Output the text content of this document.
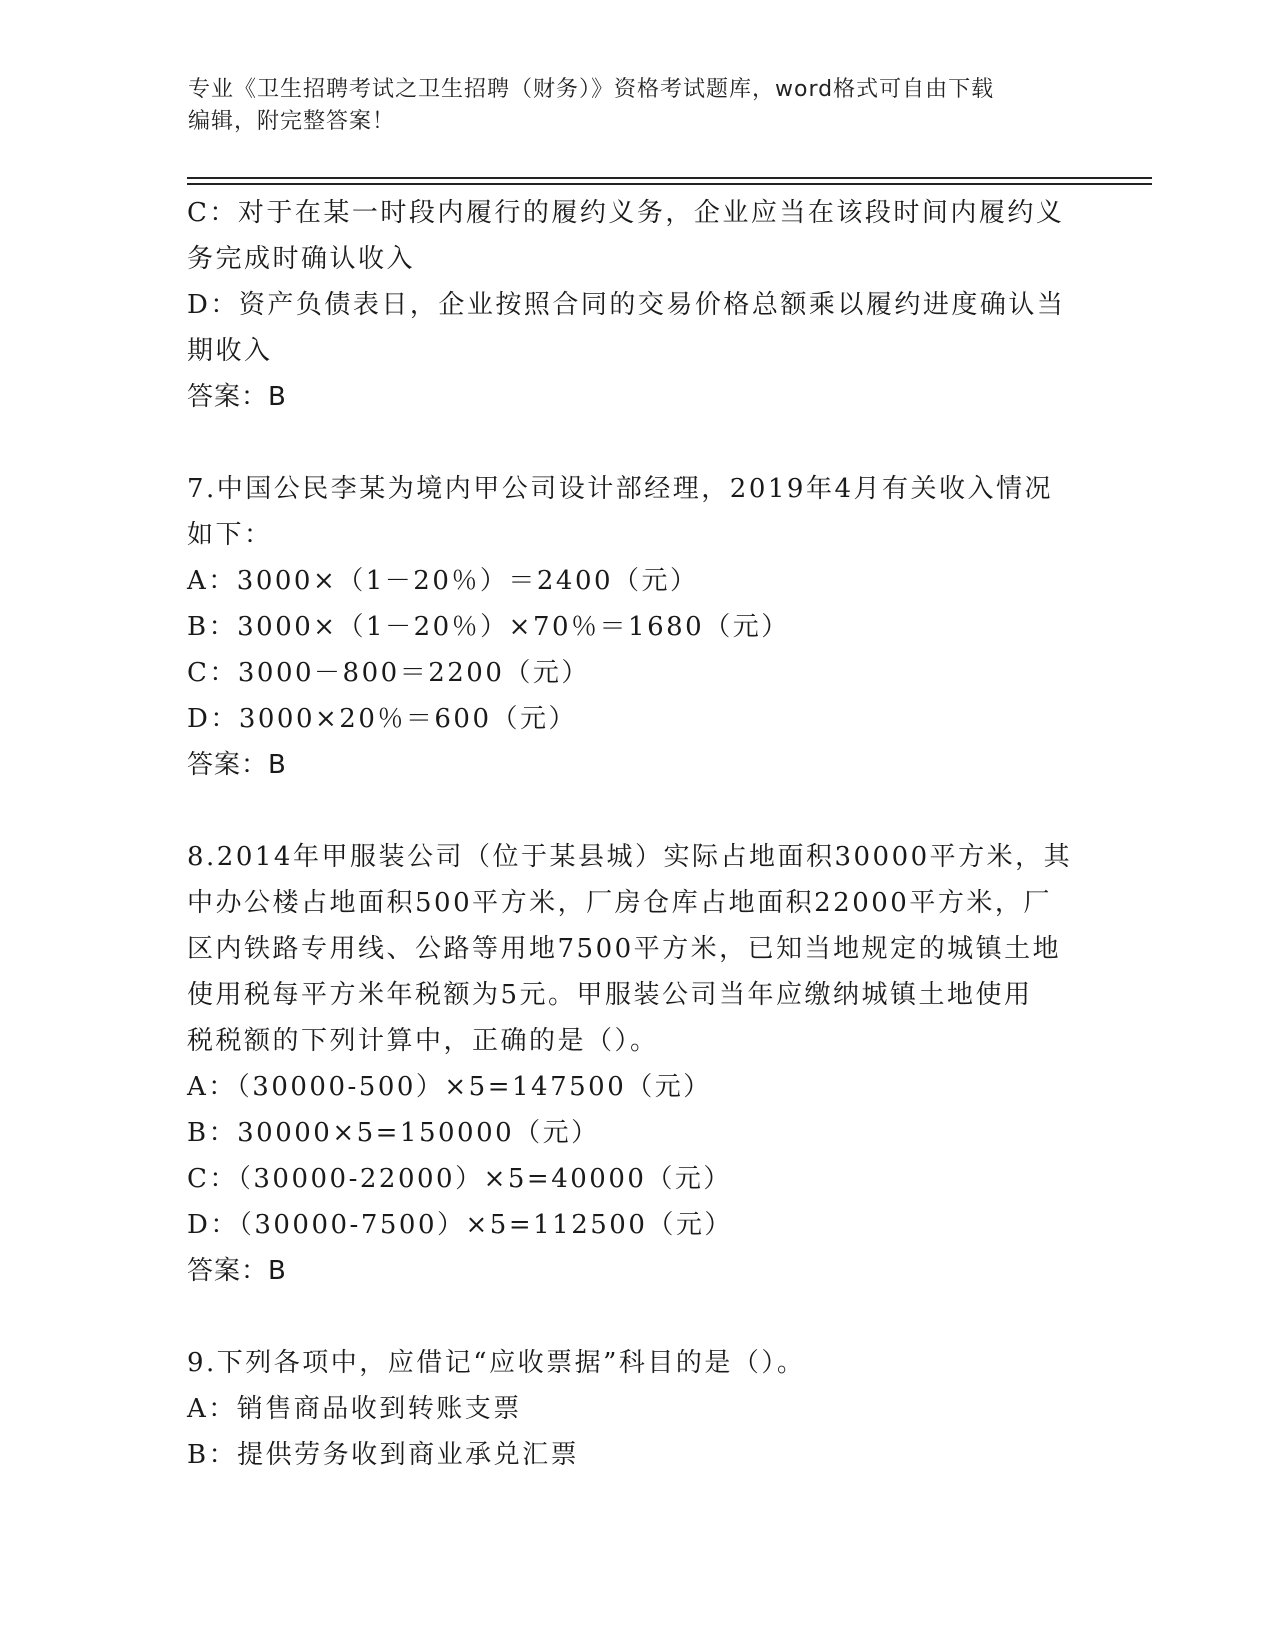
专业《卫生招聘考试之卫生招聘（财务）》资格考试题库，word格式可自由下载
编辑，附完整答案！
C：对于在某一时段内履行的履约义务，企业应当在该段时间内履约义
务完成时确认收入
D：资产负债表日，企业按照合同的交易价格总额乘以履约进度确认当
期收入
答案：B
7.中国公民李某为境内甲公司设计部经理，2019年4月有关收入情况
如下：
A：3000×（1－20％）＝2400（元）
B：3000×（1－20％）×70％＝1680（元）
C：3000－800＝2200（元）
D：3000×20％＝600（元）
答案：B
8.2014年甲服装公司（位于某县城）实际占地面积30000平方米，其
中办公楼占地面积500平方米，厂房仓库占地面积22000平方米，厂
区内铁路专用线、公路等用地7500平方米，已知当地规定的城镇土地
使用税每平方米年税额为5元。甲服装公司当年应缴纳城镇土地使用
税税额的下列计算中，正确的是（）。
A：（30000-500）×5=147500（元）
B：30000×5=150000（元）
C：（30000-22000）×5=40000（元）
D：（30000-7500）×5=112500（元）
答案：B
9.下列各项中，应借记“应收票据”科目的是（）。
A：销售商品收到转账支票
B：提供劳务收到商业承兑汇票
